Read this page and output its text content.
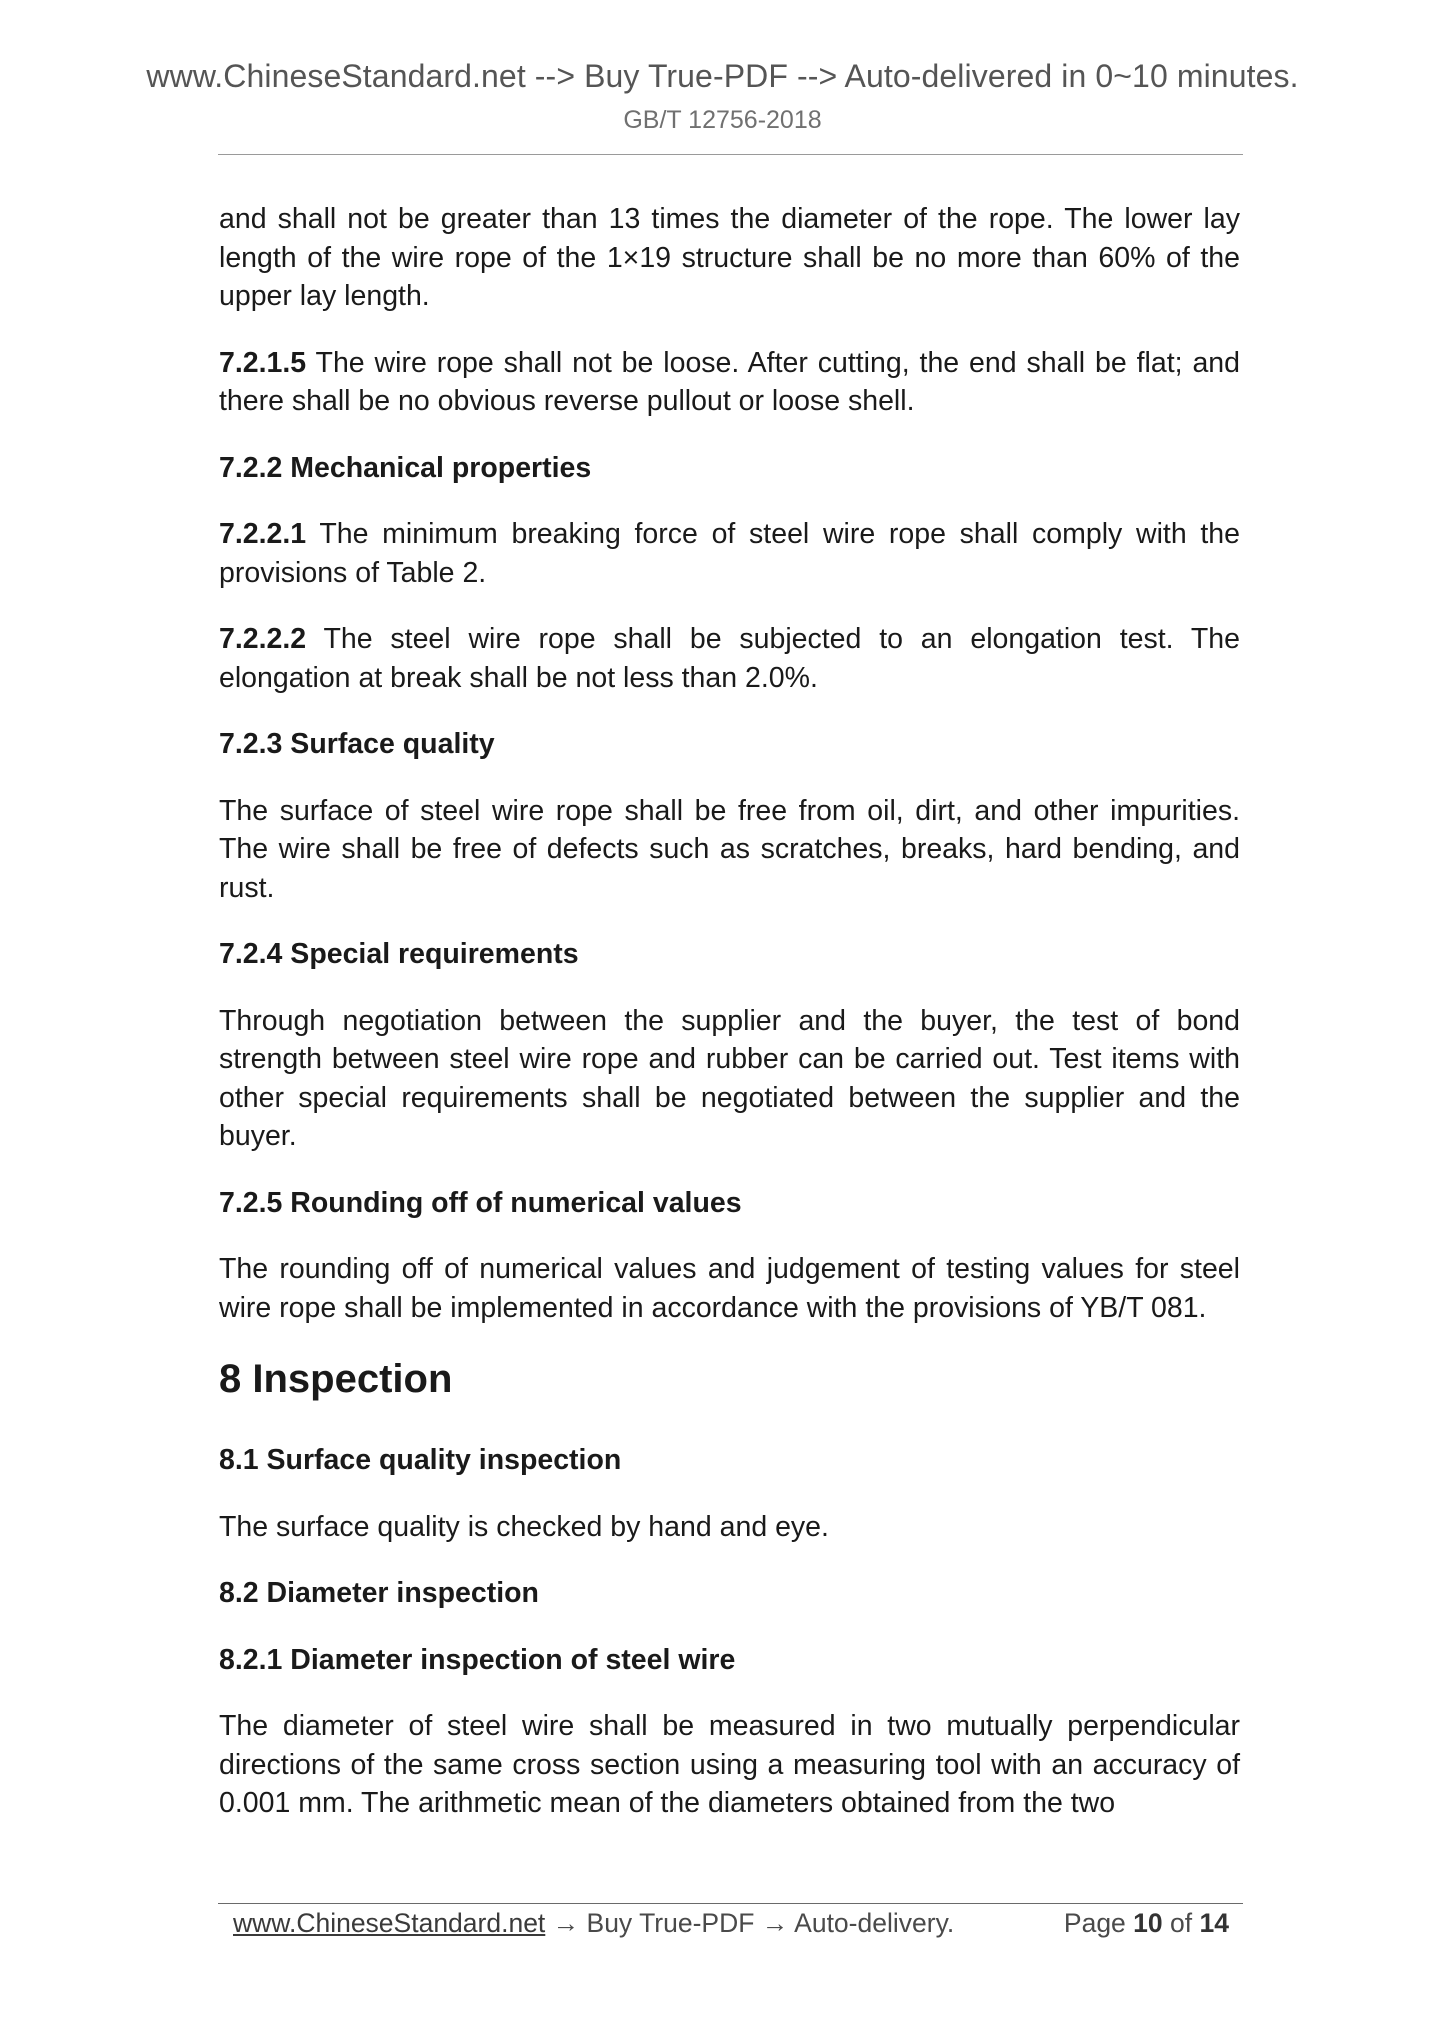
www.ChineseStandard.net --> Buy True-PDF --> Auto-delivered in 0~10 minutes.
GB/T 12756-2018

and shall not be greater than 13 times the diameter of the rope. The lower lay length of the wire rope of the 1×19 structure shall be no more than 60% of the upper lay length.

7.2.1.5 The wire rope shall not be loose. After cutting, the end shall be flat; and there shall be no obvious reverse pullout or loose shell.

7.2.2 Mechanical properties

7.2.2.1 The minimum breaking force of steel wire rope shall comply with the provisions of Table 2.

7.2.2.2 The steel wire rope shall be subjected to an elongation test. The elongation at break shall be not less than 2.0%.

7.2.3 Surface quality

The surface of steel wire rope shall be free from oil, dirt, and other impurities. The wire shall be free of defects such as scratches, breaks, hard bending, and rust.

7.2.4 Special requirements

Through negotiation between the supplier and the buyer, the test of bond strength between steel wire rope and rubber can be carried out. Test items with other special requirements shall be negotiated between the supplier and the buyer.

7.2.5 Rounding off of numerical values

The rounding off of numerical values and judgement of testing values for steel wire rope shall be implemented in accordance with the provisions of YB/T 081.

8 Inspection
8.1 Surface quality inspection

The surface quality is checked by hand and eye.

8.2 Diameter inspection
8.2.1 Diameter inspection of steel wire

The diameter of steel wire shall be measured in two mutually perpendicular directions of the same cross section using a measuring tool with an accuracy of 0.001 mm. The arithmetic mean of the diameters obtained from the two

www.ChineseStandard.net → Buy True-PDF → Auto-delivery.	Page 10 of 14
